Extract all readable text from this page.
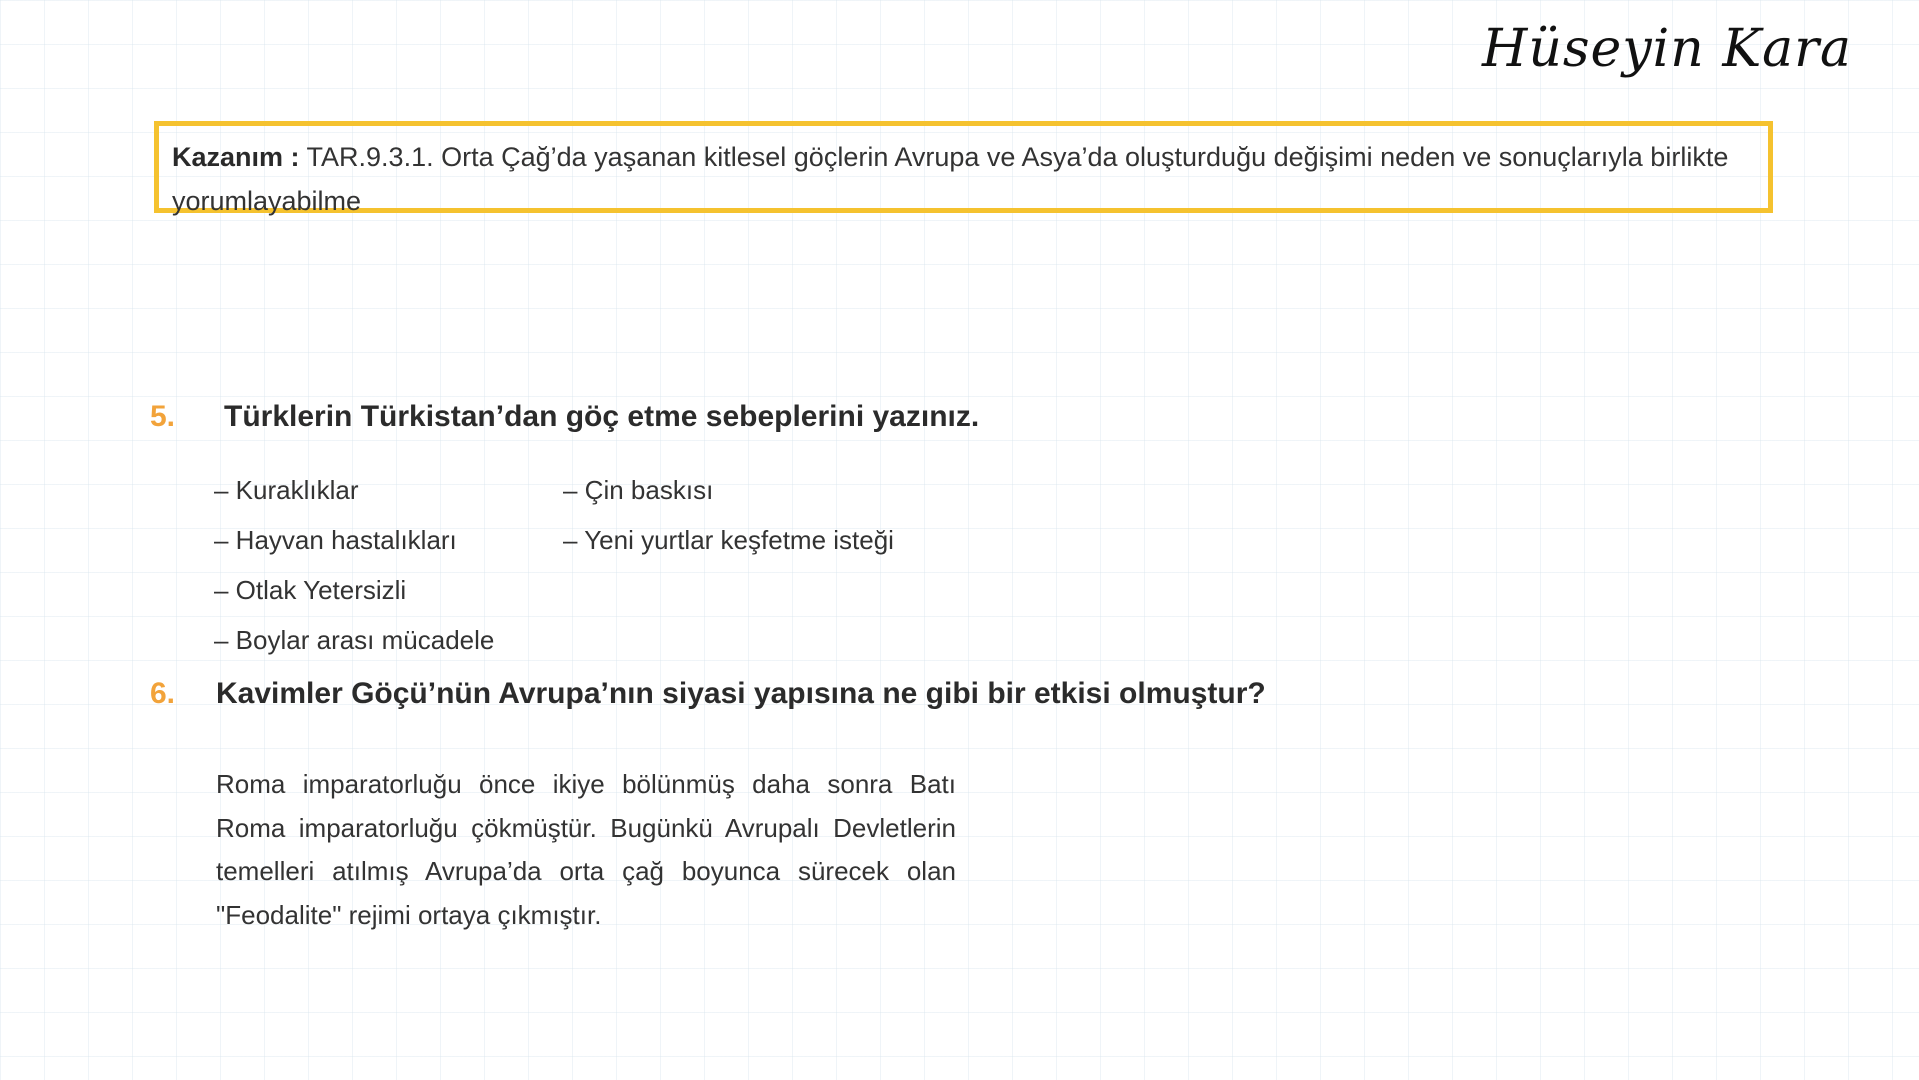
Hüseyin Kara
Kazanım : TAR.9.3.1. Orta Çağ’da yaşanan kitlesel göçlerin Avrupa ve Asya’da oluşturduğu değişimi neden ve sonuçlarıyla birlikte yorumlayabilme
5. Türklerin Türkistan’dan göç etme sebeplerini yazınız.
– Kuraklıklar
– Hayvan hastalıkları
– Otlak Yetersizli
– Boylar arası mücadele
– Çin baskısı
– Yeni yurtlar keşfetme isteği
6. Kavimler Göçü’nün Avrupa’nın siyasi yapısına ne gibi bir etkisi olmuştur?

Roma imparatorluğu önce ikiye bölünmüş daha sonra Batı Roma imparatorluğu çökmüştür. Bugünkü Avrupalı Devletlerin temelleri atılmış Avrupa’da orta çağ boyunca sürecek olan "Feodalite" rejimi ortaya çıkmıştır.
